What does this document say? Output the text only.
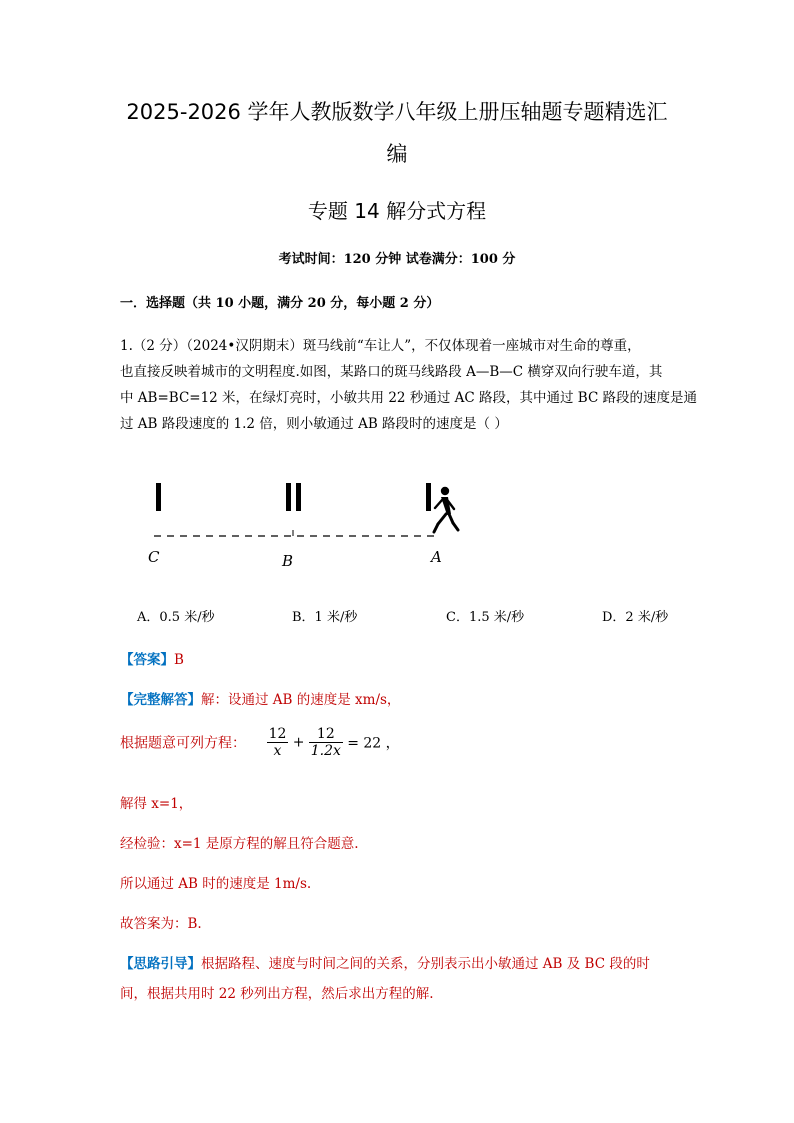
2025-2026 学年人教版数学八年级上册压轴题专题精选汇
编
专题 14 解分式方程
考试时间：120 分钟 试卷满分：100 分
一．选择题（共 10 小题，满分 20 分，每小题 2 分）
1.（2 分）（2024•汉阴期末）斑马线前“车让人”，不仅体现着一座城市对生命的尊重，
也直接反映着城市的文明程度.如图，某路口的斑马线路段 A—B—C 横穿双向行驶车道，其
中 AB=BC=12 米，在绿灯亮时，小敏共用 22 秒通过 AC 路段，其中通过 BC 路段的速度是通
过 AB 路段速度的 1.2 倍，则小敏通过 AB 路段时的速度是（ ）
C	B	A
A．0.5 米/秒	B．1 米/秒	C．1.5 米/秒	D．2 米/秒
【答案】B
【完整解答】解：设通过 AB 的速度是 xm/s，
根据题意可列方程： $\frac{12}{x} + \frac{12}{1.2x} = 22$ ，
解得 x=1，
经检验：x=1 是原方程的解且符合题意.
所以通过 AB 时的速度是 1m/s.
故答案为：B.
【思路引导】根据路程、速度与时间之间的关系，分别表示出小敏通过 AB 及 BC 段的时
间，根据共用时 22 秒列出方程，然后求出方程的解.
